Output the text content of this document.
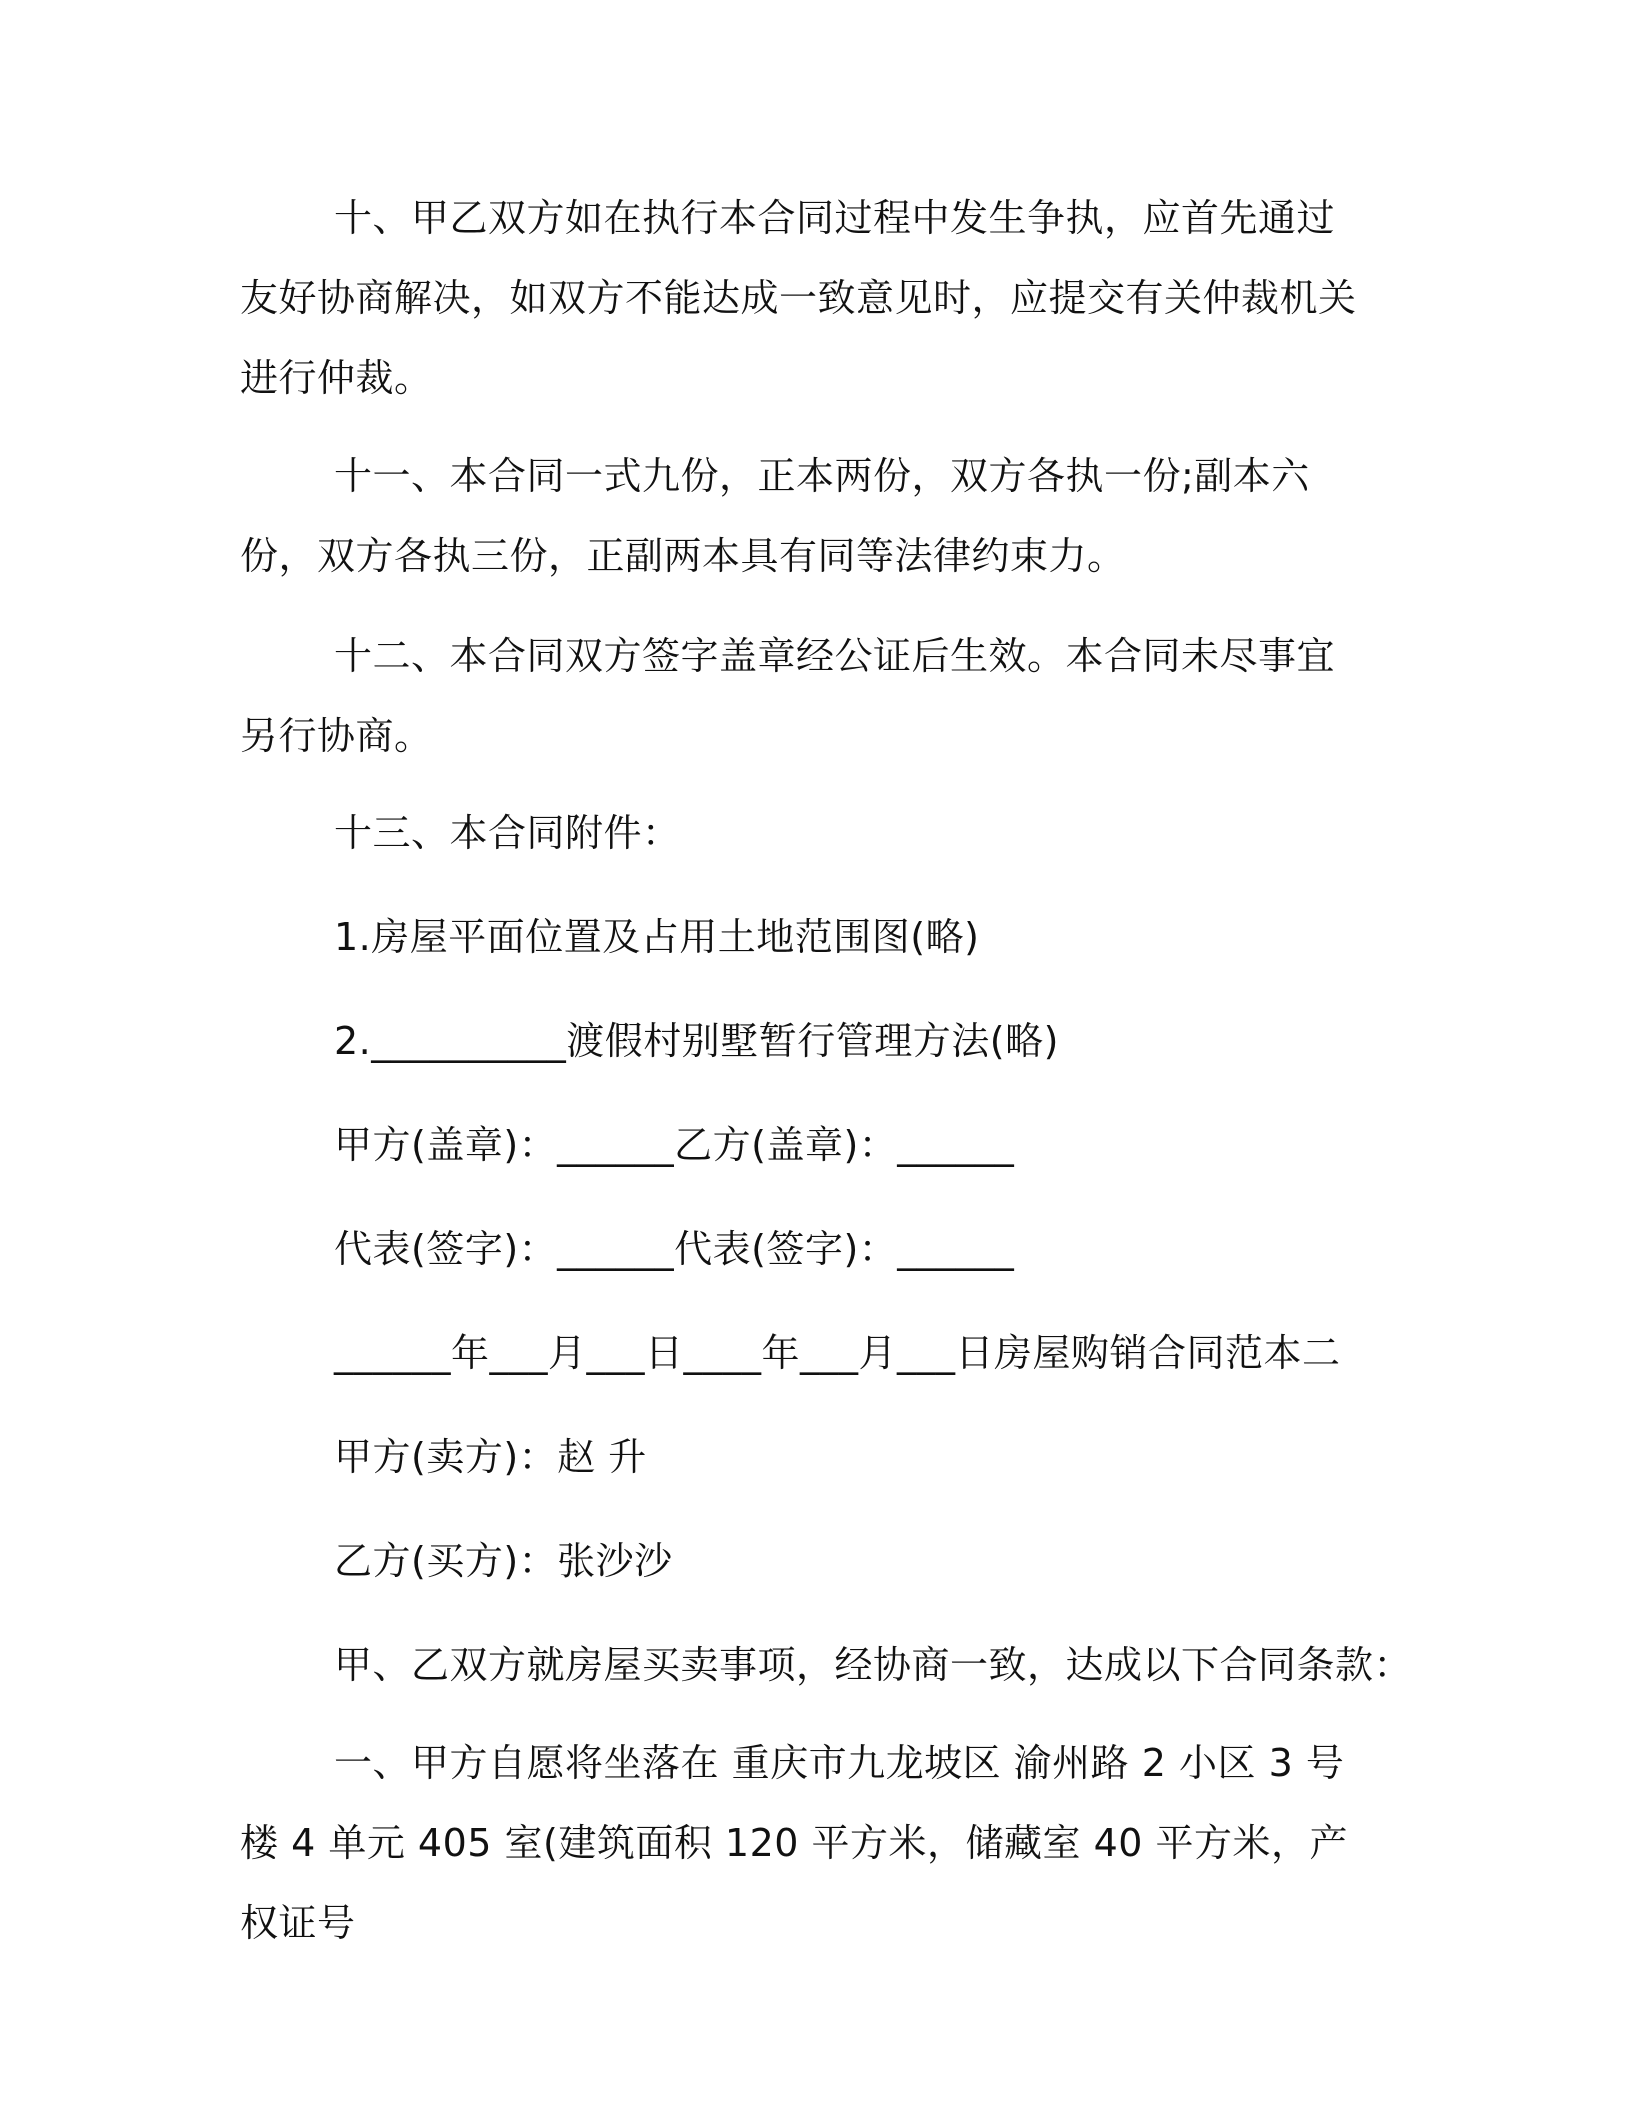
十、甲乙双方如在执行本合同过程中发生争执，应首先通过友好协商解决，如双方不能达成一致意见时，应提交有关仲裁机关进行仲裁。

十一、本合同一式九份，正本两份，双方各执一份;副本六份，双方各执三份，正副两本具有同等法律约束力。

十二、本合同双方签字盖章经公证后生效。本合同未尽事宜另行协商。

十三、本合同附件：

1.房屋平面位置及占用土地范围图(略)

2.__________渡假村别墅暂行管理方法(略)

甲方(盖章)：______乙方(盖章)：______

代表(签字)：______代表(签字)：______

______年___月___日____年___月___日房屋购销合同范本二

甲方(卖方)：赵 升

乙方(买方)：张沙沙

甲、乙双方就房屋买卖事项，经协商一致，达成以下合同条款：

一、甲方自愿将坐落在 重庆市九龙坡区 渝州路 2 小区 3 号楼 4 单元 405 室(建筑面积 120 平方米，储藏室 40 平方米，产权证号
